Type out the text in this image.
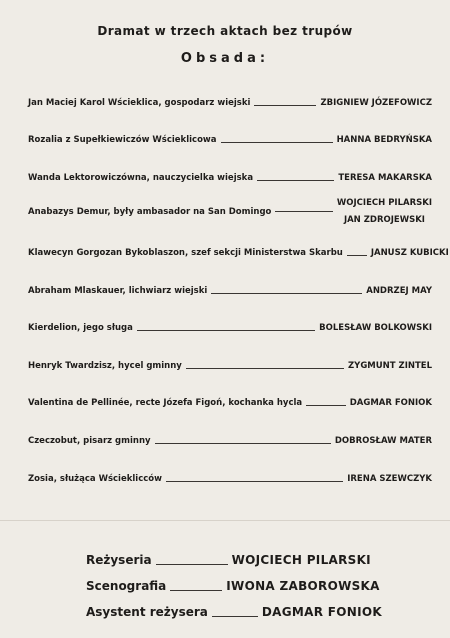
Dramat w trzech aktach bez trupów
Obsada:
Jan Maciej Karol Wścieklica, gospodarz wiejski	ZBIGNIEW JÓZEFOWICZ
Rozalia z Supełkiewiczów Wścieklicowa	HANNA BEDRYŃSKA
Wanda Lektorowiczówna, nauczycielka wiejska	TERESA MAKARSKA
Anabazys Demur, były ambasador na San Domingo
WOJCIECH PILARSKI
JAN ZDROJEWSKI
Klawecyn Gorgozan Bykoblaszon, szef sekcji Ministerstwa Skarbu	JANUSZ KUBICKI
Abraham Mlaskauer, lichwiarz wiejski	ANDRZEJ MAY
Kierdelion, jego sługa	BOLESŁAW BOLKOWSKI
Henryk Twardzisz, hycel gminny	ZYGMUNT ZINTEL
Valentina de Pellinée, recte Józefa Figoń, kochanka hycla	DAGMAR FONIOK
Czeczobut, pisarz gminny	DOBROSŁAW MATER
Zosia, służąca Wścieklicców	IRENA SZEWCZYK
Reżyseria	WOJCIECH PILARSKI
Scenografia	IWONA ZABOROWSKA
Asystent reżysera	DAGMAR FONIOK
